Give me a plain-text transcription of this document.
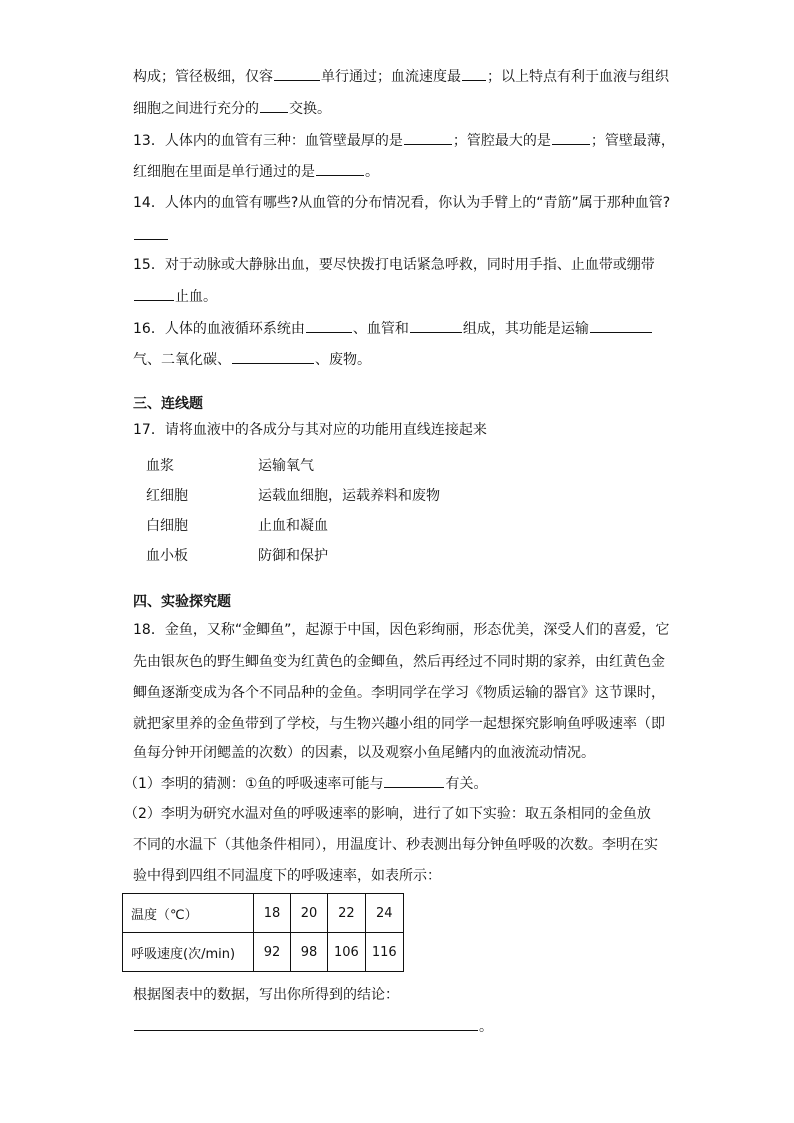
构成；管径极细，仅容	单行通过；血流速度最 ；以上特点有利于血液与组织
细胞之间进行充分的 交换。
13．人体内的血管有三种：血管壁最厚的是	；管腔最大的是	；管壁最薄，
红细胞在里面是单行通过的是	。
14．人体内的血管有哪些?从血管的分布情况看，你认为手臂上的“青筋”属于那种血管?
15．对于动脉或大静脉出血，要尽快拨打电话紧急呼救，同时用手指、止血带或绷带
止血。
16．人体的血液循环系统由	、血管和	组成，其功能是运输
气、二氧化碳、	、废物。
三、连线题
17．请将血液中的各成分与其对应的功能用直线连接起来
血浆	运输氧气
红细胞	运载血细胞，运载养料和废物
白细胞	止血和凝血
血小板	防御和保护
四、实验探究题
18．金鱼，又称“金鲫鱼”，起源于中国，因色彩绚丽，形态优美，深受人们的喜爱，它
先由银灰色的野生鲫鱼变为红黄色的金鲫鱼，然后再经过不同时期的家养，由红黄色金
鲫鱼逐渐变成为各个不同品种的金鱼。李明同学在学习《物质运输的器官》这节课时，
就把家里养的金鱼带到了学校，与生物兴趣小组的同学一起想探究影响鱼呼吸速率（即
鱼每分钟开闭鳃盖的次数）的因素，以及观察小鱼尾鳍内的血液流动情况。
（1）李明的猜测：①鱼的呼吸速率可能与	有关。
（2）李明为研究水温对鱼的呼吸速率的影响，进行了如下实验：取五条相同的金鱼放
不同的水温下（其他条件相同），用温度计、秒表测出每分钟鱼呼吸的次数。李明在实
验中得到四组不同温度下的呼吸速率，如表所示：
温度（℃）	18	20	22	24
呼吸速度(次/min)	92	98	106	116
根据图表中的数据，写出你所得到的结论：
。
